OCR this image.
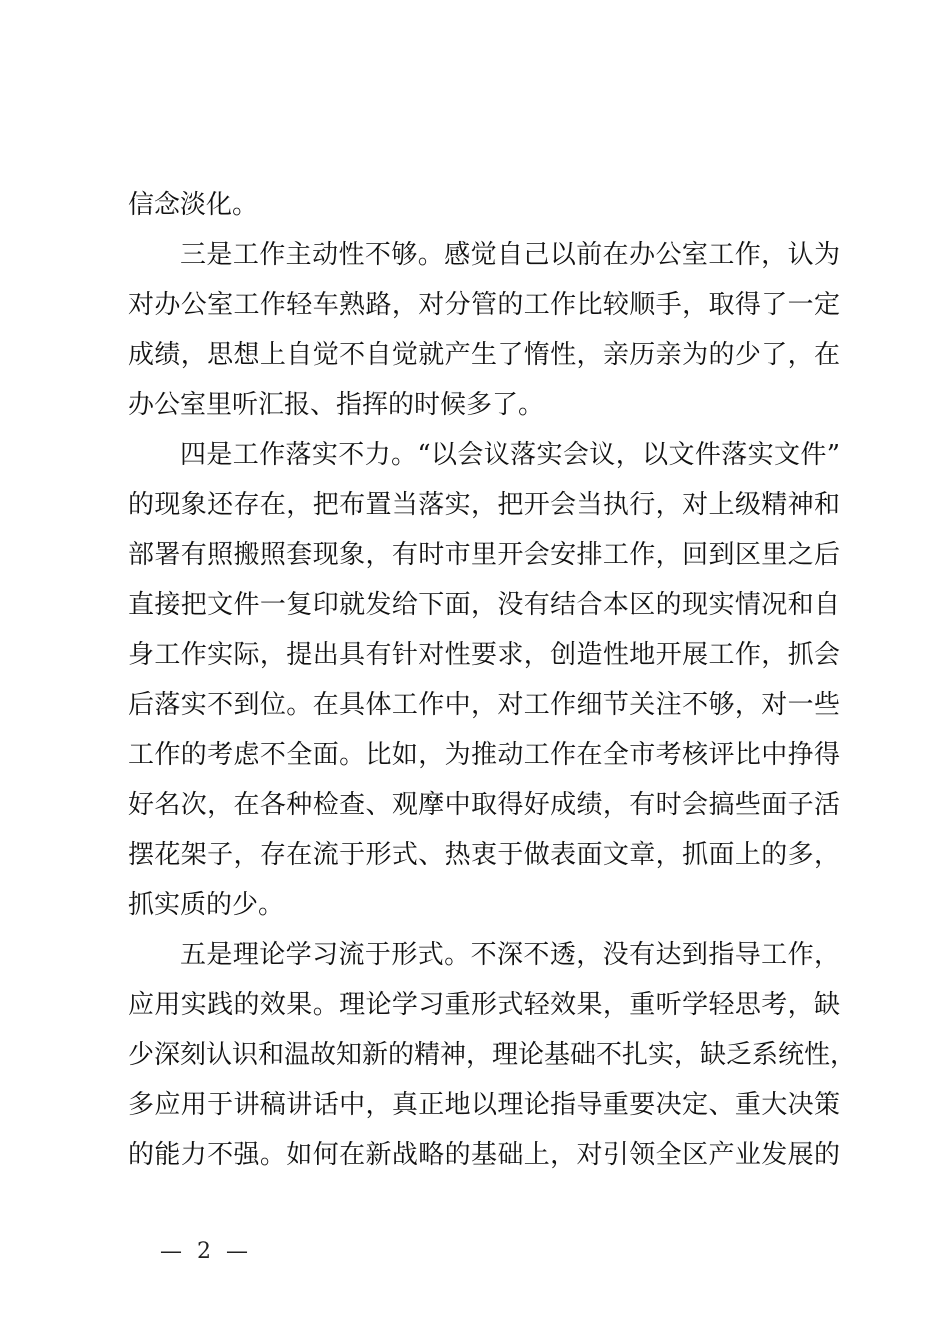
信念淡化。
三是工作主动性不够。感觉自己以前在办公室工作，认为
对办公室工作轻车熟路，对分管的工作比较顺手，取得了一定
成绩，思想上自觉不自觉就产生了惰性，亲历亲为的少了，在
办公室里听汇报、指挥的时候多了。
四是工作落实不力。“以会议落实会议，以文件落实文件”
的现象还存在，把布置当落实，把开会当执行，对上级精神和
部署有照搬照套现象，有时市里开会安排工作，回到区里之后
直接把文件一复印就发给下面，没有结合本区的现实情况和自
身工作实际，提出具有针对性要求，创造性地开展工作，抓会
后落实不到位。在具体工作中，对工作细节关注不够，对一些
工作的考虑不全面。比如，为推动工作在全市考核评比中挣得
好名次，在各种检查、观摩中取得好成绩，有时会搞些面子活
摆花架子，存在流于形式、热衷于做表面文章，抓面上的多，
抓实质的少。
五是理论学习流于形式。不深不透，没有达到指导工作，
应用实践的效果。理论学习重形式轻效果，重听学轻思考，缺
少深刻认识和温故知新的精神，理论基础不扎实，缺乏系统性，
多应用于讲稿讲话中，真正地以理论指导重要决定、重大决策
的能力不强。如何在新战略的基础上，对引领全区产业发展的
— 2 —
